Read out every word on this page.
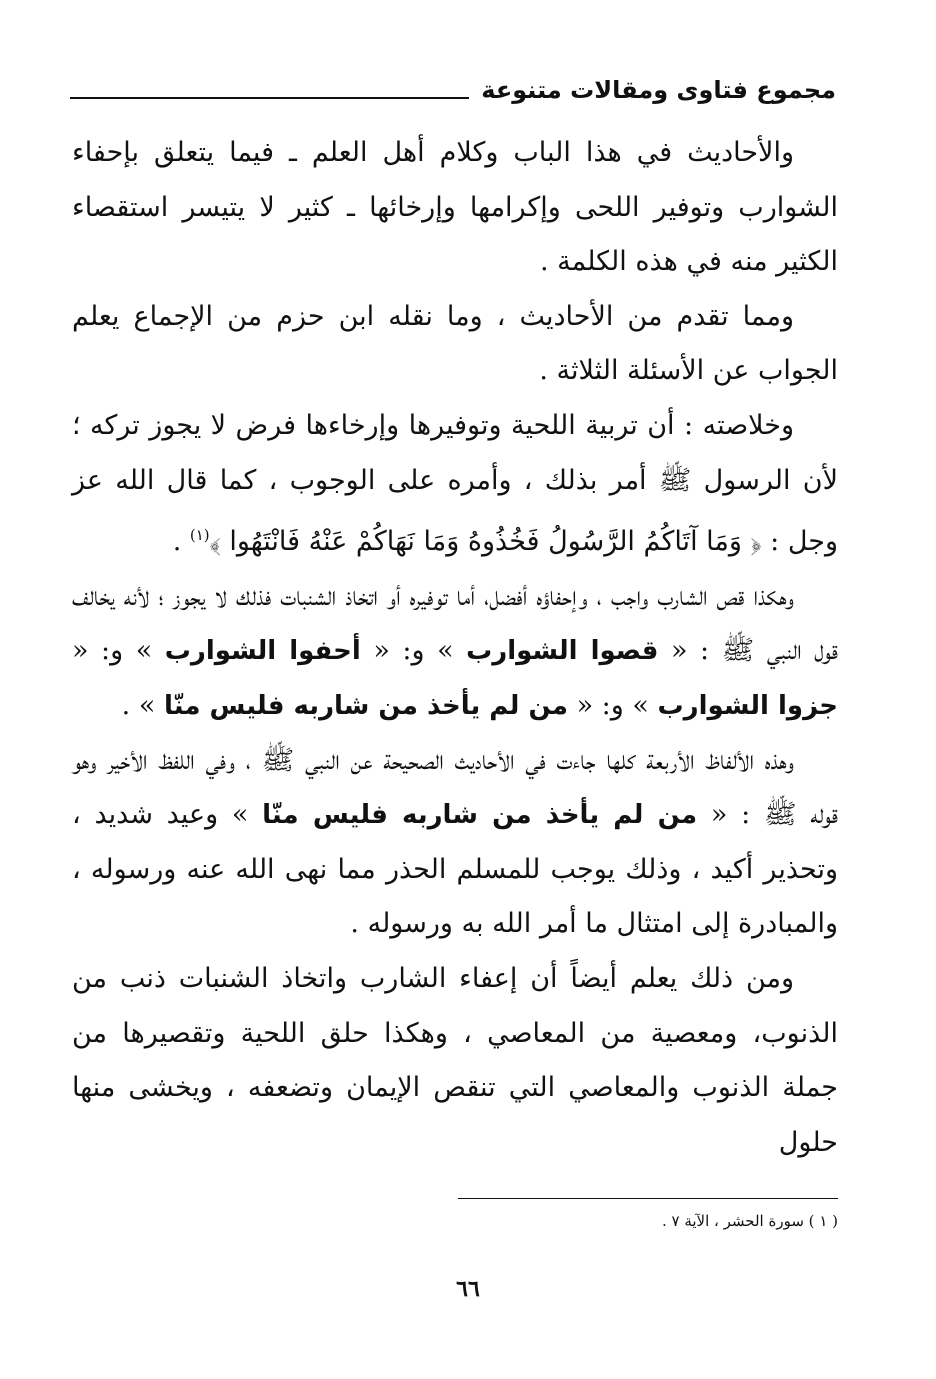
مجموع فتاوى ومقالات متنوعة

والأحاديث في هذا الباب وكلام أهل العلم ـ فيما يتعلق بإحفاء الشوارب وتوفير اللحى وإكرامها وإرخائها ـ كثير لا يتيسر استقصاء الكثير منه في هذه الكلمة .

ومما تقدم من الأحاديث ، وما نقله ابن حزم من الإجماع يعلم الجواب عن الأسئلة الثلاثة .

وخلاصته : أن تربية اللحية وتوفيرها وإرخاءها فرض لا يجوز تركه ؛ لأن الرسول ﷺ أمر بذلك ، وأمره على الوجوب ، كما قال الله عز وجل : ﴿ وَمَا آتَاكُمُ الرَّسُولُ فَخُذُوهُ وَمَا نَهَاكُمْ عَنْهُ فَانْتَهُوا ﴾$^{(١)}$ .

وهكذا قص الشارب واجب ، وإحفاؤه أفضل، أما توفيره أو اتخاذ الشنبات فذلك لا يجوز ؛ لأنه يخالف قول النبي ﷺ : « قصوا الشوارب » و: « أحفوا الشوارب » و: « جزوا الشوارب » و: « من لم يأخذ من شاربه فليس منّا » .

وهذه الألفاظ الأربعة كلها جاءت في الأحاديث الصحيحة عن النبي ﷺ ، وفي اللفظ الأخير وهو قوله ﷺ : « من لم يأخذ من شاربه فليس منّا » وعيد شديد ، وتحذير أكيد ، وذلك يوجب للمسلم الحذر مما نهى الله عنه ورسوله ، والمبادرة إلى امتثال ما أمر الله به ورسوله .

ومن ذلك يعلم أيضاً أن إعفاء الشارب واتخاذ الشنبات ذنب من الذنوب، ومعصية من المعاصي ، وهكذا حلق اللحية وتقصيرها من جملة الذنوب والمعاصي التي تنقص الإيمان وتضعفه ، ويخشى منها حلول

( ١ ) سورة الحشر ، الآية ٧ .
٦٦
